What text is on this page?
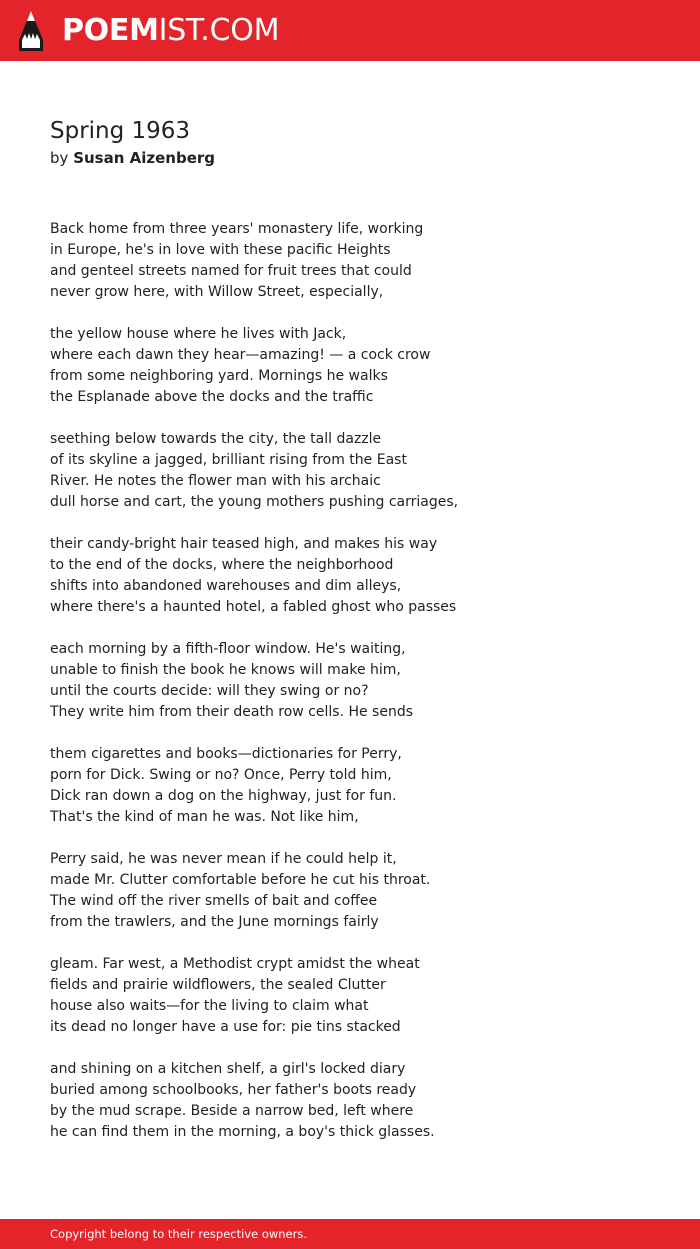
POEMIST.COM
Spring 1963
by Susan Aizenberg
Back home from three years' monastery life, working
in Europe, he's in love with these pacific Heights
and genteel streets named for fruit trees that could
never grow here, with Willow Street, especially,
the yellow house where he lives with Jack,
where each dawn they hear—amazing! — a cock crow
from some neighboring yard. Mornings he walks
the Esplanade above the docks and the traffic
seething below towards the city, the tall dazzle
of its skyline a jagged, brilliant rising from the East
River. He notes the flower man with his archaic
dull horse and cart, the young mothers pushing carriages,
their candy-bright hair teased high, and makes his way
to the end of the docks, where the neighborhood
shifts into abandoned warehouses and dim alleys,
where there's a haunted hotel, a fabled ghost who passes
each morning by a fifth-floor window. He's waiting,
unable to finish the book he knows will make him,
until the courts decide: will they swing or no?
They write him from their death row cells. He sends
them cigarettes and books—dictionaries for Perry,
porn for Dick. Swing or no? Once, Perry told him,
Dick ran down a dog on the highway, just for fun.
That's the kind of man he was. Not like him,
Perry said, he was never mean if he could help it,
made Mr. Clutter comfortable before he cut his throat.
The wind off the river smells of bait and coffee
from the trawlers, and the June mornings fairly
gleam. Far west, a Methodist crypt amidst the wheat
fields and prairie wildflowers, the sealed Clutter
house also waits—for the living to claim what
its dead no longer have a use for: pie tins stacked
and shining on a kitchen shelf, a girl's locked diary
buried among schoolbooks, her father's boots ready
by the mud scrape. Beside a narrow bed, left where
he can find them in the morning, a boy's thick glasses.
Copyright belong to their respective owners.
